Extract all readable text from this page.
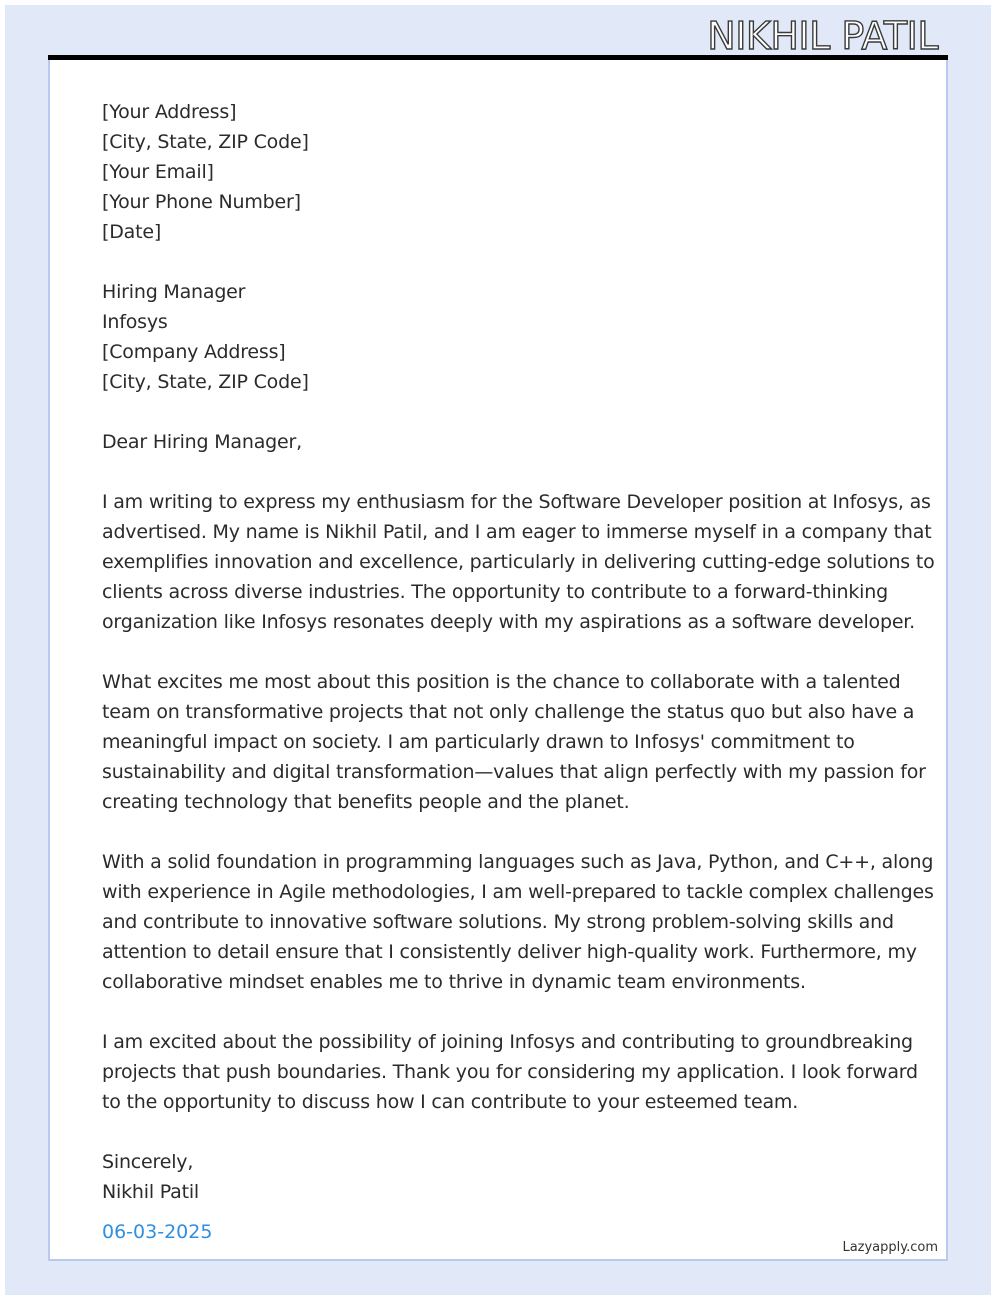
[Your Address]
[City, State, ZIP Code]
[Your Email]
[Your Phone Number]
[Date]
Hiring Manager
Infosys
[Company Address]
[City, State, ZIP Code]
Dear Hiring Manager,
I am writing to express my enthusiasm for the Software Developer position at Infosys, as
advertised. My name is Nikhil Patil, and I am eager to immerse myself in a company that
exemplifies innovation and excellence, particularly in delivering cutting-edge solutions to
clients across diverse industries. The opportunity to contribute to a forward-thinking
organization like Infosys resonates deeply with my aspirations as a software developer.
What excites me most about this position is the chance to collaborate with a talented
team on transformative projects that not only challenge the status quo but also have a
meaningful impact on society. I am particularly drawn to Infosys' commitment to
sustainability and digital transformation—values that align perfectly with my passion for
creating technology that benefits people and the planet.
With a solid foundation in programming languages such as Java, Python, and C++, along
with experience in Agile methodologies, I am well-prepared to tackle complex challenges
and contribute to innovative software solutions. My strong problem-solving skills and
attention to detail ensure that I consistently deliver high-quality work. Furthermore, my
collaborative mindset enables me to thrive in dynamic team environments.
I am excited about the possibility of joining Infosys and contributing to groundbreaking
projects that push boundaries. Thank you for considering my application. I look forward
to the opportunity to discuss how I can contribute to your esteemed team.
Sincerely,
Nikhil Patil
06-03-2025
Lazyapply.com
NIKHIL PATIL
